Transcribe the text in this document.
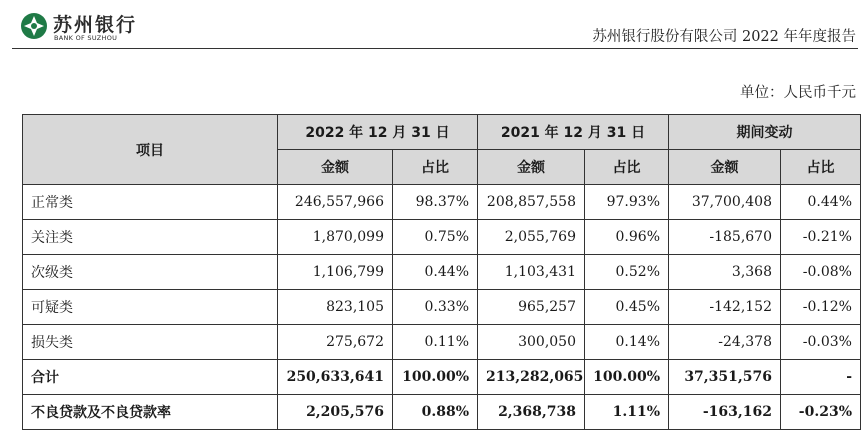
苏州银行
BANK OF SUZHOU	苏州银行股份有限公司 2022 年年度报告
单位：人民币千元
项目	2022 年 12 月 31 日		2021 年 12 月 31 日		期间变动	
	金额	占比	金额	占比	金额	占比
正常类	246,557,966	98.37%	208,857,558	97.93%	37,700,408	0.44%
关注类	1,870,099	0.75%	2,055,769	0.96%	-185,670	-0.21%
次级类	1,106,799	0.44%	1,103,431	0.52%	3,368	-0.08%
可疑类	823,105	0.33%	965,257	0.45%	-142,152	-0.12%
损失类	275,672	0.11%	300,050	0.14%	-24,378	-0.03%
合计	250,633,641	100.00%	213,282,065	100.00%	37,351,576	-
不良贷款及不良贷款率	2,205,576	0.88%	2,368,738	1.11%	-163,162	-0.23%
